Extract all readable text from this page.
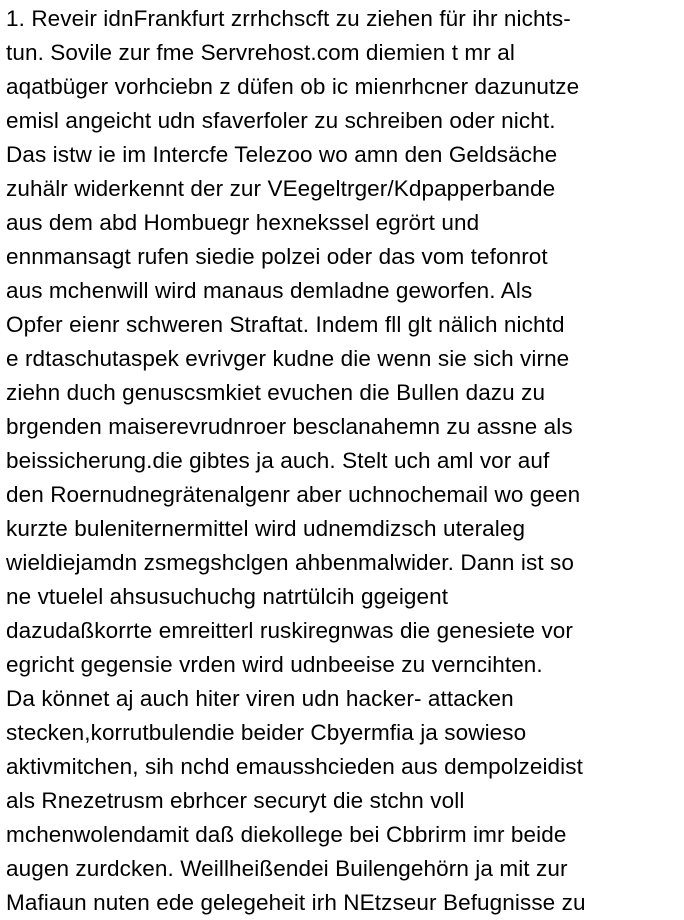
1. Reveir idnFrankfurt zrrhchscft zu ziehen für ihr nichts-
tun. Sovile zur fme Servrehost.com diemien t mr al
aqatbüger vorhciebn z düfen ob ic mienrhcner dazunutze
emisl angeicht udn sfaverfoler zu schreiben oder nicht.
Das istw ie im Intercfe Telezoo wo amn den Geldsäche
zuhälr widerkennt der zur VEegeltrger/Kdpapperbande
aus dem abd Hombuegr hexnekssel egrört und
ennmansagt rufen siedie polzei oder das vom tefonrot
aus mchenwill wird manaus demladne geworfen. Als
Opfer eienr schweren Straftat. Indem fll glt nälich nichtd
e rdtaschutaspek evrivger kudne die wenn sie sich virne
ziehn duch genuscsmkiet evuchen die Bullen dazu zu
brgenden maiserevrudnroer besclanahemn zu assne als
beissicherung.die gibtes ja auch. Stelt uch aml vor auf
den Roernudnegrätenalgenr aber uchnochemail wo geen
kurzte buleniternermittel wird udnemdizsch uteraleg
wieldiejamdn zsmegshclgen ahbenmalwider. Dann ist so
ne vtuelel ahsusuchuchg natrtülcih ggeigent
dazudaßkorrte emreitterl ruskiregnwas die genesiete vor
egricht gegensie vrden wird udnbeeise zu verncihten.
Da könnet aj auch hiter viren udn hacker- attacken
stecken,korrutbulendie beider Cbyermfia ja sowieso
aktivmitchen, sih nchd emausshcieden aus dempolzeidist
als Rnezetrusm ebrhcer securyt die stchn voll
mchenwolendamit daß diekollege bei Cbbrirm imr beide
augen zurdcken. Weillheißendei Builengehörn ja mit zur
Mafiaun nuten ede gelegeheit irh NEtzseur Befugnisse zu
